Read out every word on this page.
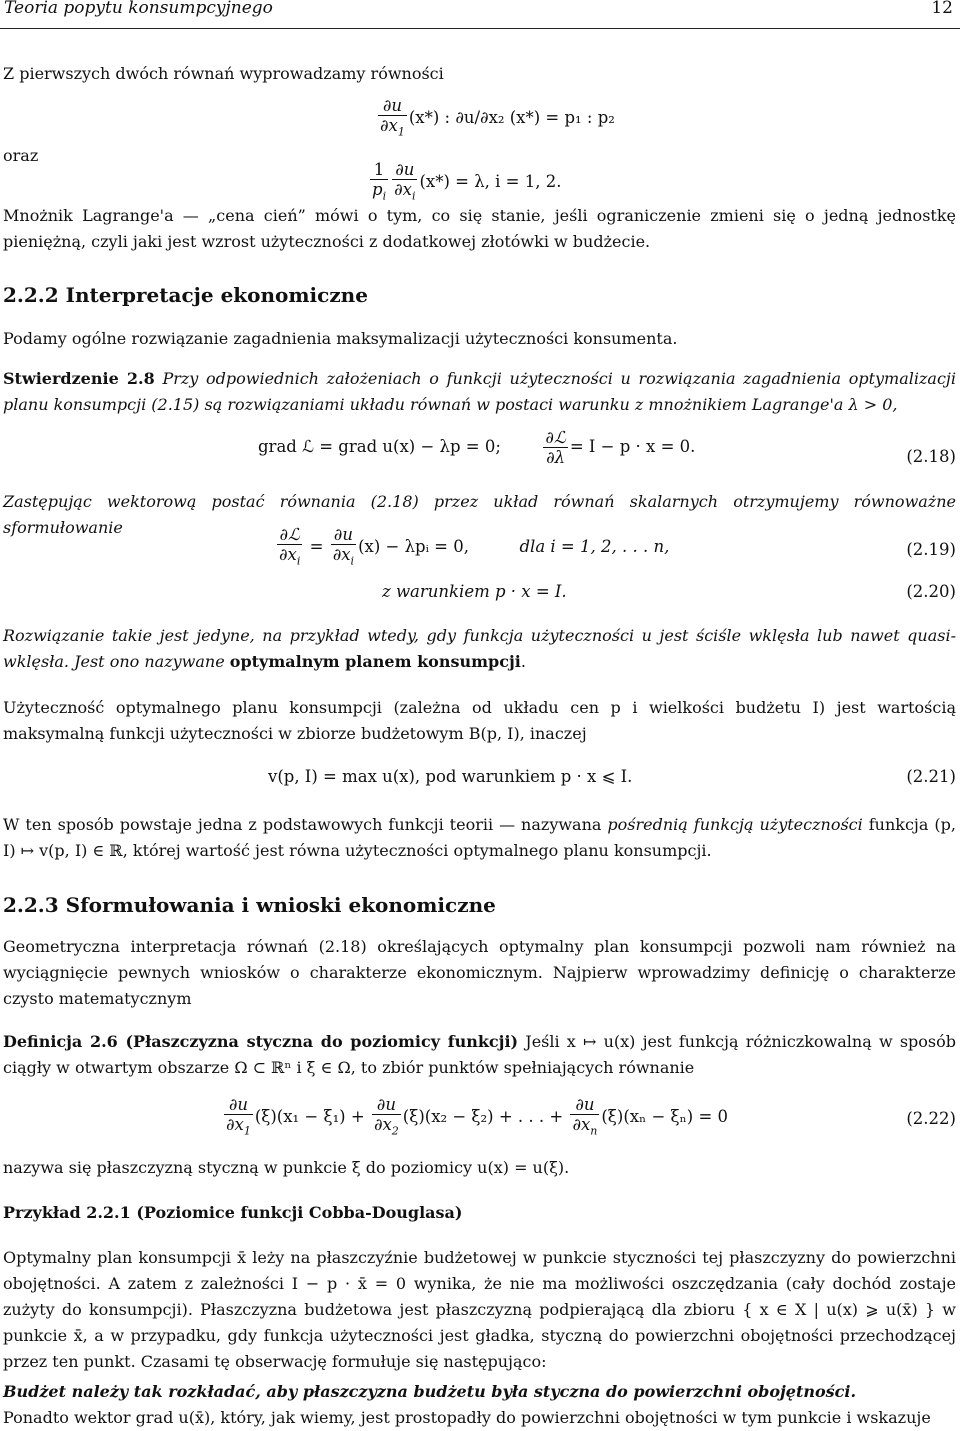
Teoria popytu konsumpcyjnego	12

Z pierwszych dwóch równań wyprowadzamy równości

$\frac{\partial u}{\partial x_1} (x*)$ : ∂u/∂x₂ (x*) = p₁ : p₂
oraz
$\frac{1}{p_i} \frac{\partial u}{\partial x_i} (x*) = \lambda$, i = 1, 2.

Mnożnik Lagrange'a — „cena cień” mówi o tym, co się stanie, jeśli ograniczenie zmieni się o jedną jednostkę pieniężną, czyli jaki jest wzrost użyteczności z dodatkowej złotówki w budżecie.

2.2.2 Interpretacje ekonomiczne

Podamy ogólne rozwiązanie zagadnienia maksymalizacji użyteczności konsumenta.

Stwierdzenie 2.8 Przy odpowiednich założeniach o funkcji użyteczności u rozwiązania zagadnienia optymalizacji planu konsumpcji (2.15) są rozwiązaniami układu równań w postaci warunku z mnożnikiem Lagrange'a λ > 0,

grad ℒ = grad u(x) − λp = 0;	$\frac{\text{∂ℒ}}{\partial\lambda} = I - p \cdot x = 0$.
(2.18)

Zastępując wektorową postać równania (2.18) przez układ równań skalarnych otrzymujemy równoważne sformułowanie	$\frac{\text{∂ℒ}}{\partial x_i} = \frac{\partial u}{\partial x_i} (x)$ − λpᵢ = 0,	dla i = 1, 2, . . . n,	(2.19)
z warunkiem p · x = I.	(2.20)

Rozwiązanie takie jest jedyne, na przykład wtedy, gdy funkcja użyteczności u jest ściśle wklęsła lub nawet quasi-wklęsła. Jest ono nazywane optymalnym planem konsumpcji.

Użyteczność optymalnego planu konsumpcji (zależna od układu cen p i wielkości budżetu I) jest wartością maksymalną funkcji użyteczności w zbiorze budżetowym B(p, I), inaczej

v(p, I) = max u(x), pod warunkiem p · x ⩽ I.	(2.21)

W ten sposób powstaje jedna z podstawowych funkcji teorii — nazywana pośrednią funkcją użyteczności funkcja (p, I) ↦ v(p, I) ∈ ℝ, której wartość jest równa użyteczności optymalnego planu konsumpcji.

2.2.3 Sformułowania i wnioski ekonomiczne

Geometryczna interpretacja równań (2.18) określających optymalny plan konsumpcji pozwoli nam również na wyciągnięcie pewnych wniosków o charakterze ekonomicznym. Najpierw wprowadzimy definicję o charakterze czysto matematycznym

Definicja 2.6 (Płaszczyzna styczna do poziomicy funkcji) Jeśli x ↦ u(x) jest funkcją różniczkowalną w sposób ciągły w otwartym obszarze Ω ⊂ ℝⁿ i ξ ∈ Ω, to zbiór punktów spełniających równanie

$\frac{\partial u}{\partial x_1} (\xi)(x_1 - \xi_1) + \frac{\partial u}{\partial x_2} (\xi)(x_2 - \xi_2)$ + . . . + $\frac{\partial u}{\partial x_n} (\xi)(x_n - \xi_n) = 0$	(2.22)

nazywa się płaszczyzną styczną w punkcie ξ do poziomicy u(x) = u(ξ).

Przykład 2.2.1 (Poziomice funkcji Cobba-Douglasa)

Optymalny plan konsumpcji x̄ leży na płaszczyźnie budżetowej w punkcie styczności tej płaszczyzny do powierzchni obojętności. A zatem z zależności I − p · x̄ = 0 wynika, że nie ma możliwości oszczędzania (cały dochód zostaje zużyty do konsumpcji). Płaszczyzna budżetowa jest płaszczyzną podpierającą dla zbioru { x ∈ X | u(x) ⩾ u(x̄) } w punkcie x̄, a w przypadku, gdy funkcja użyteczności jest gładka, styczną do powierzchni obojętności przechodzącej przez ten punkt. Czasami tę obserwację formułuje się następująco:

Budżet należy tak rozkładać, aby płaszczyzna budżetu była styczna do powierzchni obojętności.

Ponadto wektor grad u(x̄), który, jak wiemy, jest prostopadły do powierzchni obojętności w tym punkcie i wskazuje
